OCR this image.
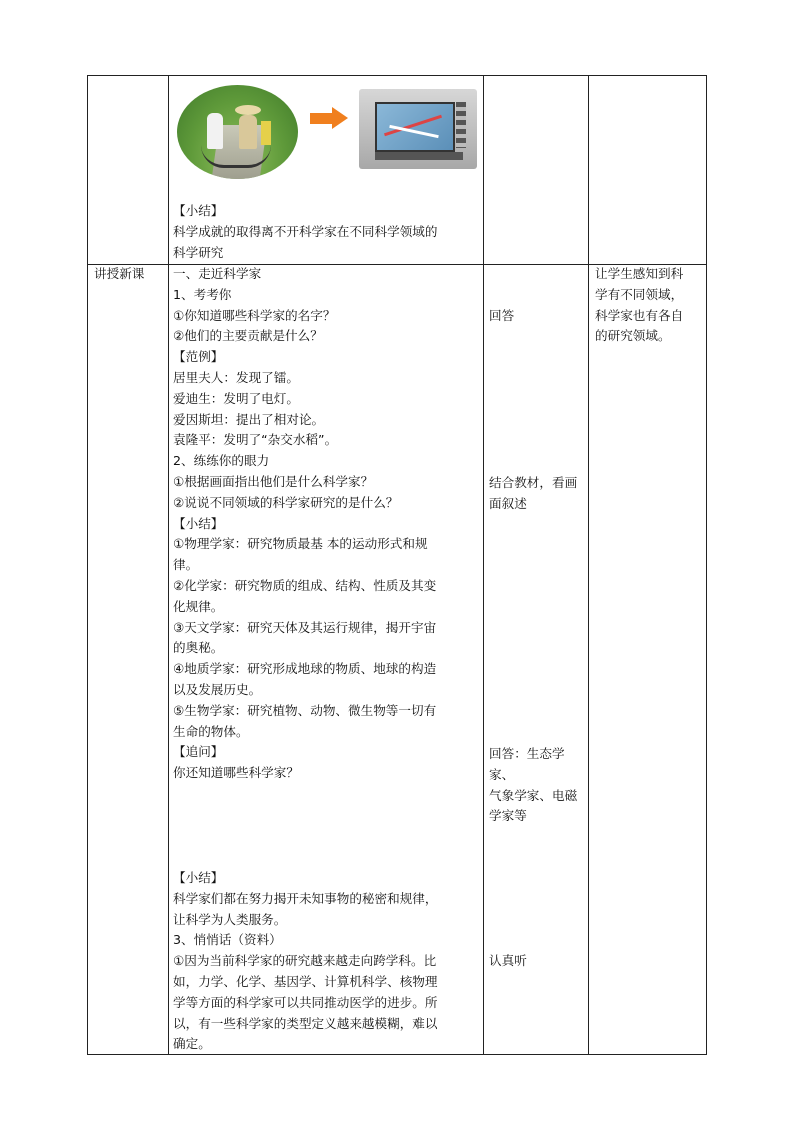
【小结】

科学成就的取得离不开科学家在不同科学领域的

科学研究

讲授新课	一、走近科学家

1、考考你

①你知道哪些科学家的名字？

②他们的主要贡献是什么？

【范例】

居里夫人：发现了镭。

爱迪生：发明了电灯。

爱因斯坦：提出了相对论。

袁隆平：发明了“杂交水稻”。

2、练练你的眼力

①根据画面指出他们是什么科学家？

②说说不同领域的科学家研究的是什么？

【小结】

①物理学家：研究物质最基 本的运动形式和规

律。

②化学家：研究物质的组成、结构、性质及其变

化规律。

③天文学家：研究天体及其运行规律，揭开宇宙

的奥秘。

④地质学家：研究形成地球的物质、地球的构造

以及发展历史。

⑤生物学家：研究植物、动物、微生物等一切有

生命的物体。

【追问】

你还知道哪些科学家？

【小结】

科学家们都在努力揭开未知事物的秘密和规律，

让科学为人类服务。

3、悄悄话（资料）

①因为当前科学家的研究越来越走向跨学科。比

如，力学、化学、基因学、计算机科学、核物理

学等方面的科学家可以共同推动医学的进步。所

以，有一些科学家的类型定义越来越模糊，难以

确定。

回答

结合教材，看画

面叙述

回答：生态学家、

气象学家、电磁

学家等

认真听

让学生感知到科

学有不同领域，

科学家也有各自

的研究领域。
